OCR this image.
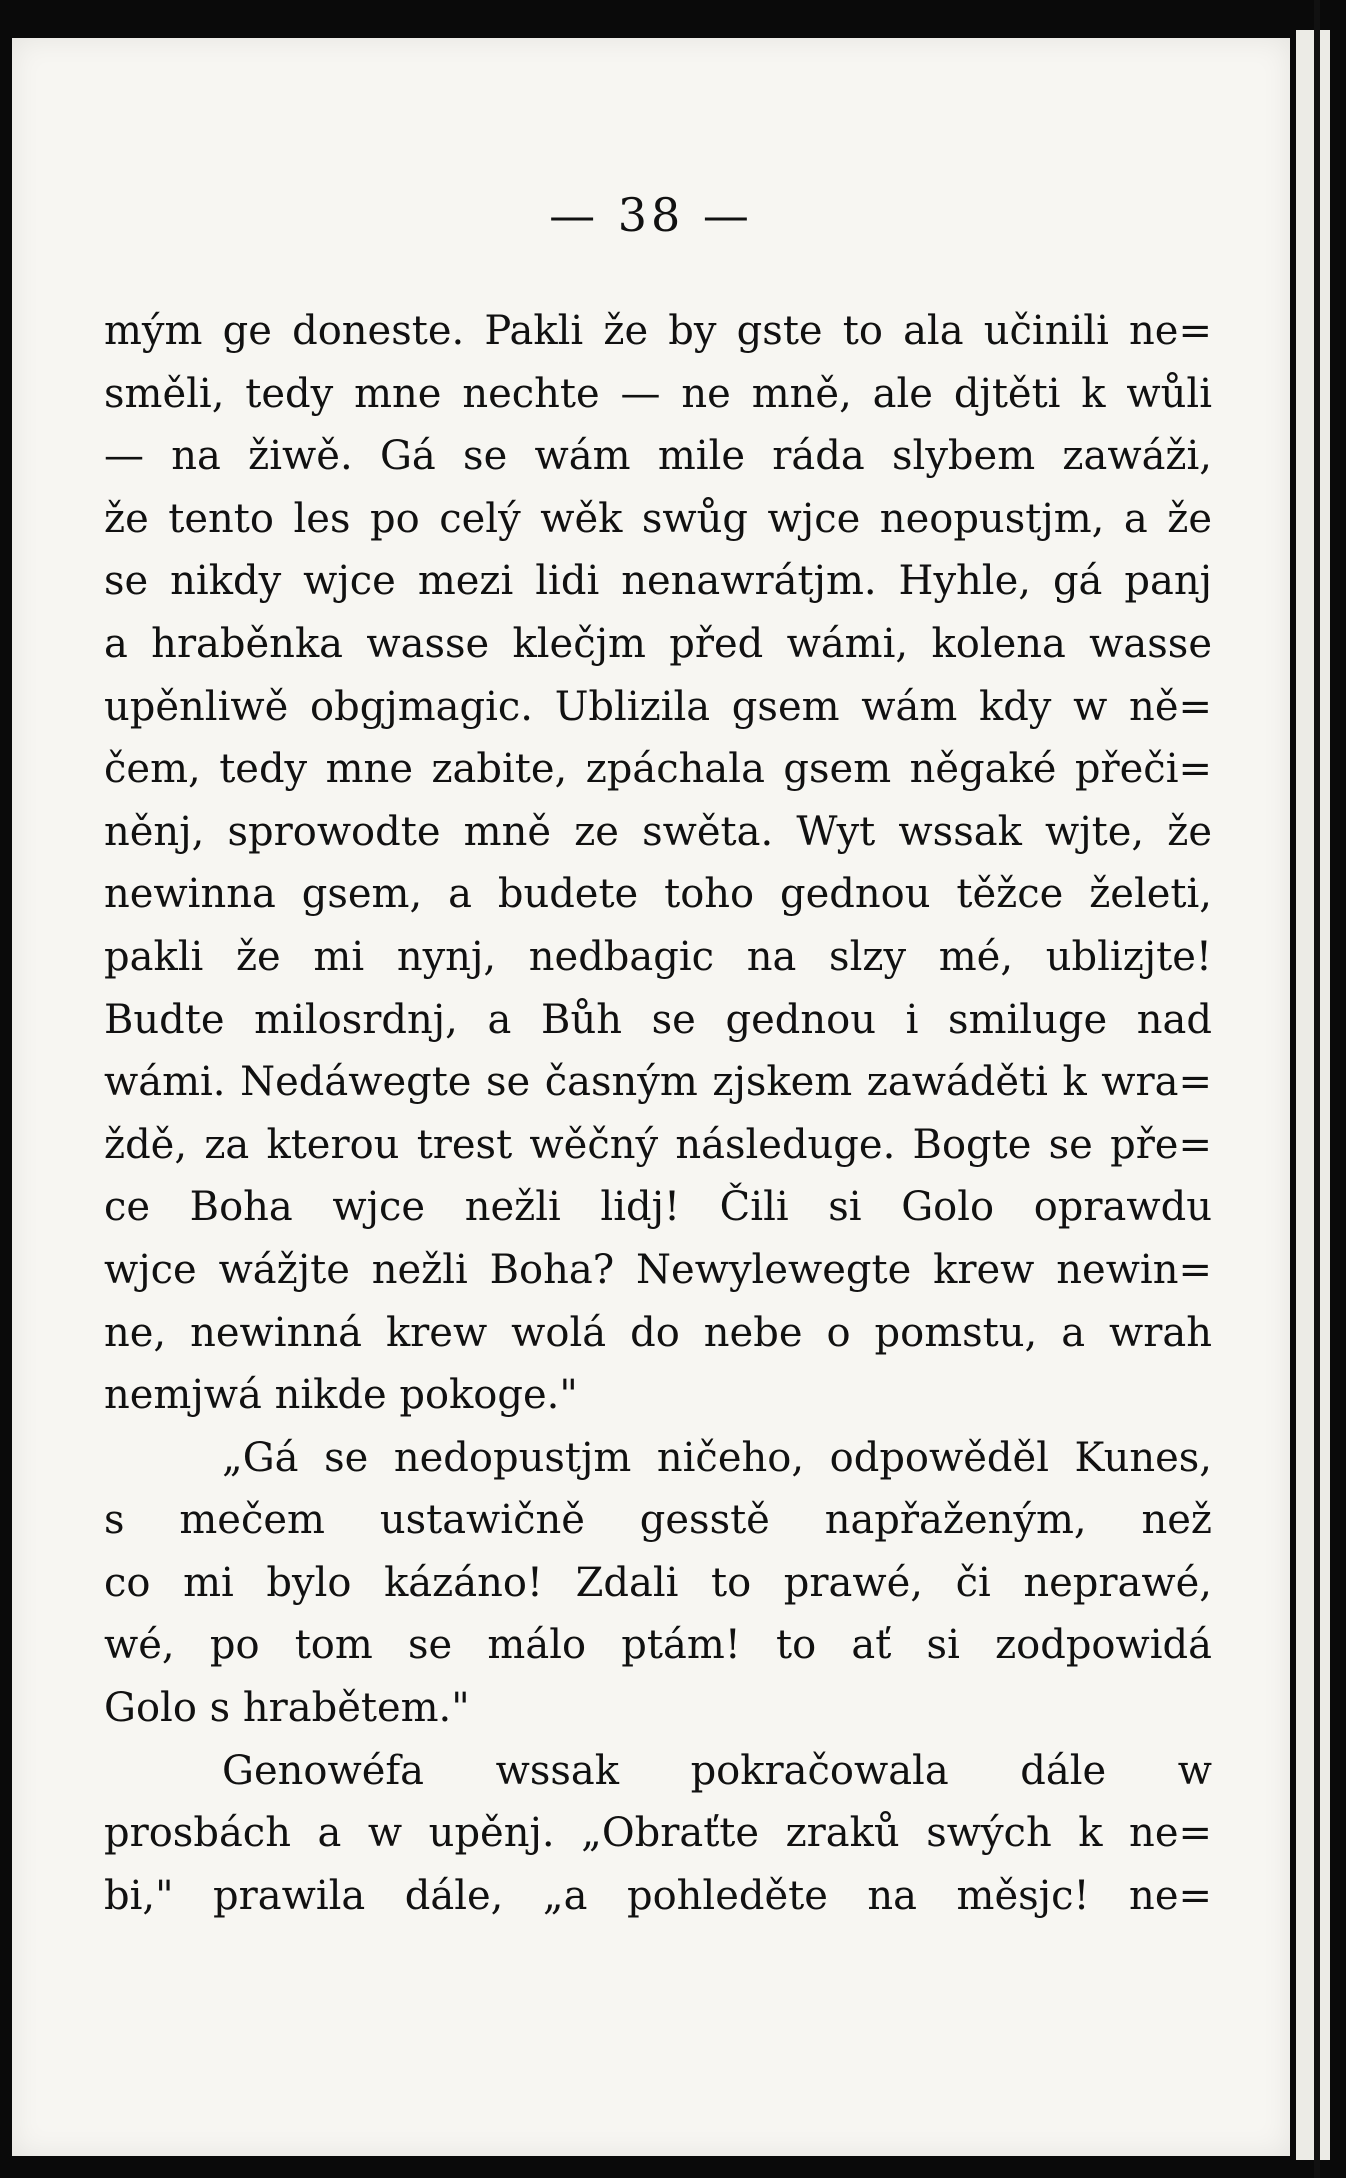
— 38 —
mým ge doneste. Pakli že by gste to ala učinili ne=
směli, tedy mne nechte — ne mně, ale djtěti k wůli
— na žiwě. Gá se wám mile ráda slybem zawáži,
že tento les po celý wěk swůg wjce neopustjm, a že
se nikdy wjce mezi lidi nenawrátjm. Hyhle, gá panj
a hraběnka wasse klečjm před wámi, kolena wasse
upěnliwě obgjmagic. Ublizila gsem wám kdy w ně=
čem, tedy mne zabite, zpáchala gsem něgaké přeči=
něnj, sprowodte mně ze swěta. Wyt wssak wjte, že
newinna gsem, a budete toho gednou těžce želeti,
pakli že mi nynj, nedbagic na slzy mé, ublizjte!
Budte milosrdnj, a Bůh se gednou i smiluge nad
wámi. Nedáwegte se časným zjskem zawáděti k wra=
ždě, za kterou trest wěčný následuge. Bogte se pře=
ce Boha wjce nežli lidj! Čili si Golo oprawdu
wjce wážjte nežli Boha? Newylewegte krew newin=
ne, newinná krew wolá do nebe o pomstu, a wrah
nemjwá nikde pokoge."
„Gá se nedopustjm ničeho, odpowěděl Kunes,
s mečem ustawičně gesstě napřaženým, než
co mi bylo kázáno! Zdali to prawé, či neprawé,
wé, po tom se málo ptám! to ať si zodpowidá
Golo s hrabětem."
Genowéfa wssak pokračowala dále w
prosbách a w upěnj. „Obraťte zraků swých k ne=
bi," prawila dále, „a pohleděte na měsjc! ne=
